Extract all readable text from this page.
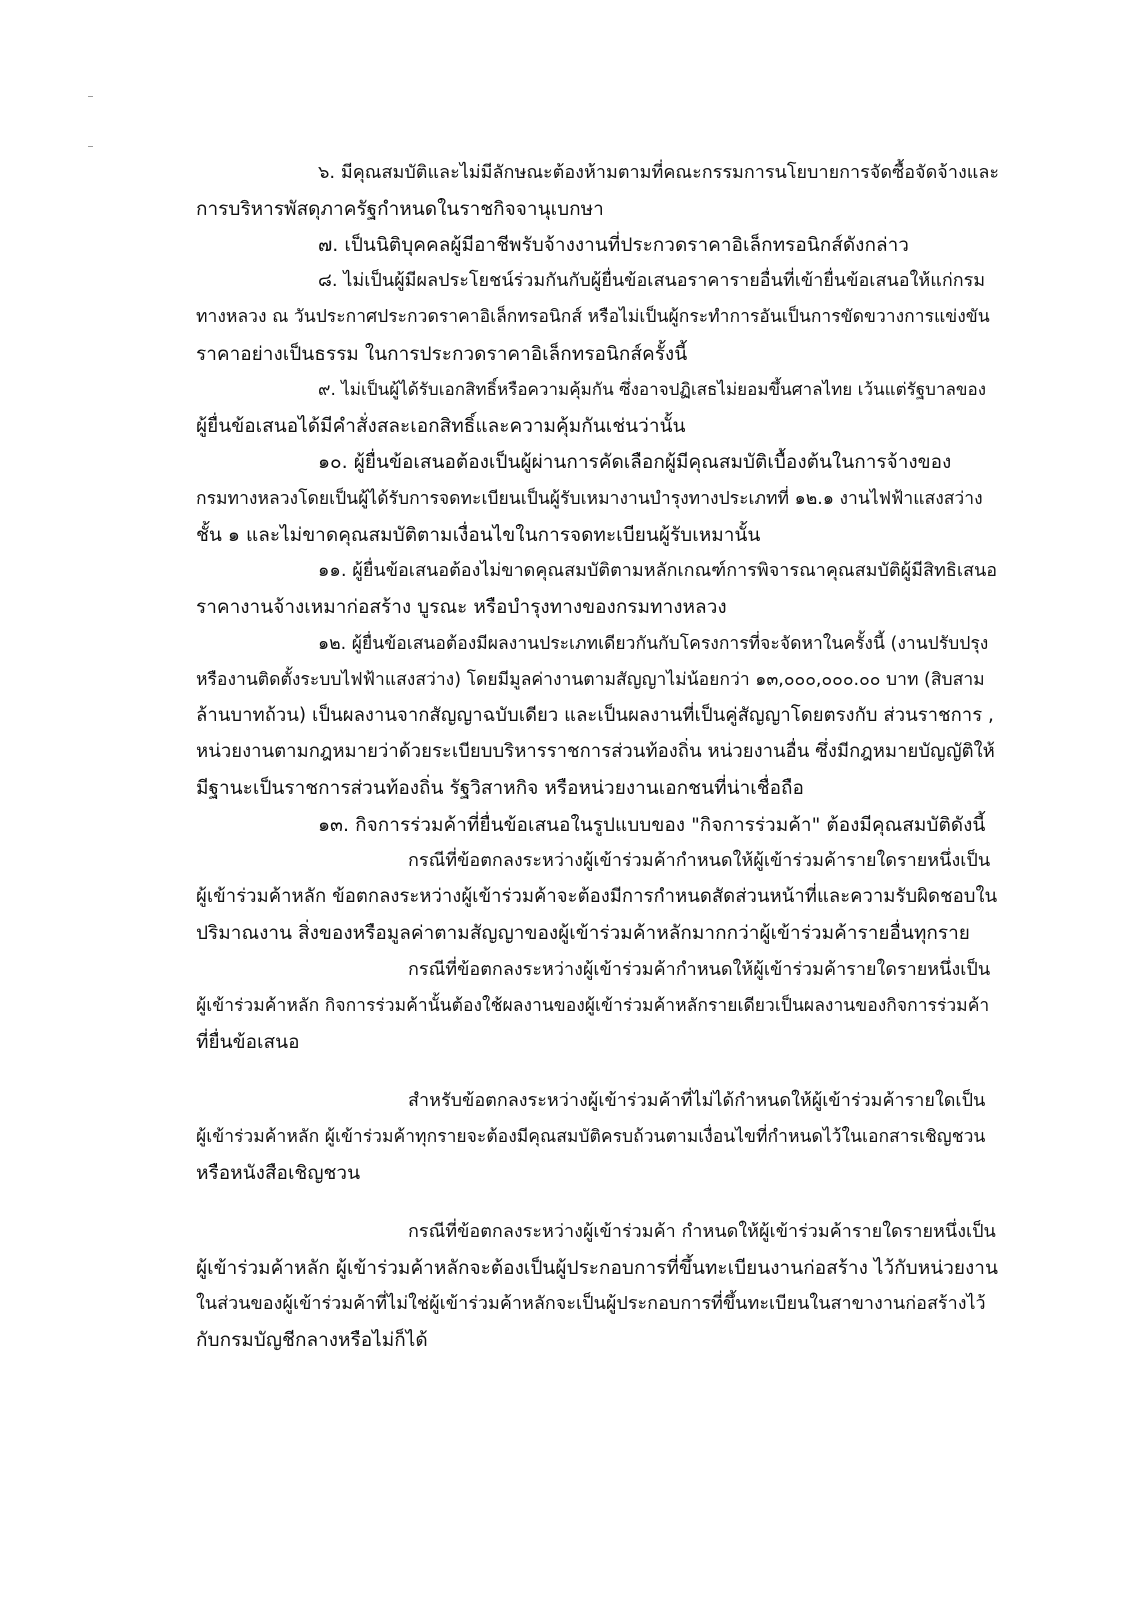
๖. มีคุณสมบัติและไม่มีลักษณะต้องห้ามตามที่คณะกรรมการนโยบายการจัดซื้อจัดจ้างและ
การบริหารพัสดุภาครัฐกำหนดในราชกิจจานุเบกษา
๗. เป็นนิติบุคคลผู้มีอาชีพรับจ้างงานที่ประกวดราคาอิเล็กทรอนิกส์ดังกล่าว
๘. ไม่เป็นผู้มีผลประโยชน์ร่วมกันกับผู้ยื่นข้อเสนอราคารายอื่นที่เข้ายื่นข้อเสนอให้แก่กรม
ทางหลวง ณ วันประกาศประกวดราคาอิเล็กทรอนิกส์ หรือไม่เป็นผู้กระทำการอันเป็นการขัดขวางการแข่งขัน
ราคาอย่างเป็นธรรม ในการประกวดราคาอิเล็กทรอนิกส์ครั้งนี้
๙. ไม่เป็นผู้ได้รับเอกสิทธิ์หรือความคุ้มกัน ซึ่งอาจปฏิเสธไม่ยอมขึ้นศาลไทย เว้นแต่รัฐบาลของ
ผู้ยื่นข้อเสนอได้มีคำสั่งสละเอกสิทธิ์และความคุ้มกันเช่นว่านั้น
๑๐. ผู้ยื่นข้อเสนอต้องเป็นผู้ผ่านการคัดเลือกผู้มีคุณสมบัติเบื้องต้นในการจ้างของ
กรมทางหลวงโดยเป็นผู้ได้รับการจดทะเบียนเป็นผู้รับเหมางานบำรุงทางประเภทที่ ๑๒.๑ งานไฟฟ้าแสงสว่าง
ชั้น ๑ และไม่ขาดคุณสมบัติตามเงื่อนไขในการจดทะเบียนผู้รับเหมานั้น
๑๑. ผู้ยื่นข้อเสนอต้องไม่ขาดคุณสมบัติตามหลักเกณฑ์การพิจารณาคุณสมบัติผู้มีสิทธิเสนอ
ราคางานจ้างเหมาก่อสร้าง บูรณะ หรือบำรุงทางของกรมทางหลวง
๑๒. ผู้ยื่นข้อเสนอต้องมีผลงานประเภทเดียวกันกับโครงการที่จะจัดหาในครั้งนี้ (งานปรับปรุง
หรืองานติดตั้งระบบไฟฟ้าแสงสว่าง) โดยมีมูลค่างานตามสัญญาไม่น้อยกว่า ๑๓,๐๐๐,๐๐๐.๐๐ บาท (สิบสาม
ล้านบาทถ้วน) เป็นผลงานจากสัญญาฉบับเดียว และเป็นผลงานที่เป็นคู่สัญญาโดยตรงกับ ส่วนราชการ ,
หน่วยงานตามกฎหมายว่าด้วยระเบียบบริหารราชการส่วนท้องถิ่น หน่วยงานอื่น ซึ่งมีกฎหมายบัญญัติให้
มีฐานะเป็นราชการส่วนท้องถิ่น รัฐวิสาหกิจ หรือหน่วยงานเอกชนที่น่าเชื่อถือ
๑๓. กิจการร่วมค้าที่ยื่นข้อเสนอในรูปแบบของ "กิจการร่วมค้า" ต้องมีคุณสมบัติดังนี้
กรณีที่ข้อตกลงระหว่างผู้เข้าร่วมค้ากำหนดให้ผู้เข้าร่วมค้ารายใดรายหนึ่งเป็น
ผู้เข้าร่วมค้าหลัก ข้อตกลงระหว่างผู้เข้าร่วมค้าจะต้องมีการกำหนดสัดส่วนหน้าที่และความรับผิดชอบใน
ปริมาณงาน สิ่งของหรือมูลค่าตามสัญญาของผู้เข้าร่วมค้าหลักมากกว่าผู้เข้าร่วมค้ารายอื่นทุกราย
กรณีที่ข้อตกลงระหว่างผู้เข้าร่วมค้ากำหนดให้ผู้เข้าร่วมค้ารายใดรายหนึ่งเป็น
ผู้เข้าร่วมค้าหลัก กิจการร่วมค้านั้นต้องใช้ผลงานของผู้เข้าร่วมค้าหลักรายเดียวเป็นผลงานของกิจการร่วมค้า
ที่ยื่นข้อเสนอ
สำหรับข้อตกลงระหว่างผู้เข้าร่วมค้าที่ไม่ได้กำหนดให้ผู้เข้าร่วมค้ารายใดเป็น
ผู้เข้าร่วมค้าหลัก ผู้เข้าร่วมค้าทุกรายจะต้องมีคุณสมบัติครบถ้วนตามเงื่อนไขที่กำหนดไว้ในเอกสารเชิญชวน
หรือหนังสือเชิญชวน
กรณีที่ข้อตกลงระหว่างผู้เข้าร่วมค้า กำหนดให้ผู้เข้าร่วมค้ารายใดรายหนึ่งเป็น
ผู้เข้าร่วมค้าหลัก ผู้เข้าร่วมค้าหลักจะต้องเป็นผู้ประกอบการที่ขึ้นทะเบียนงานก่อสร้าง ไว้กับหน่วยงาน
ในส่วนของผู้เข้าร่วมค้าที่ไม่ใช่ผู้เข้าร่วมค้าหลักจะเป็นผู้ประกอบการที่ขึ้นทะเบียนในสาขางานก่อสร้างไว้
กับกรมบัญชีกลางหรือไม่ก็ได้
